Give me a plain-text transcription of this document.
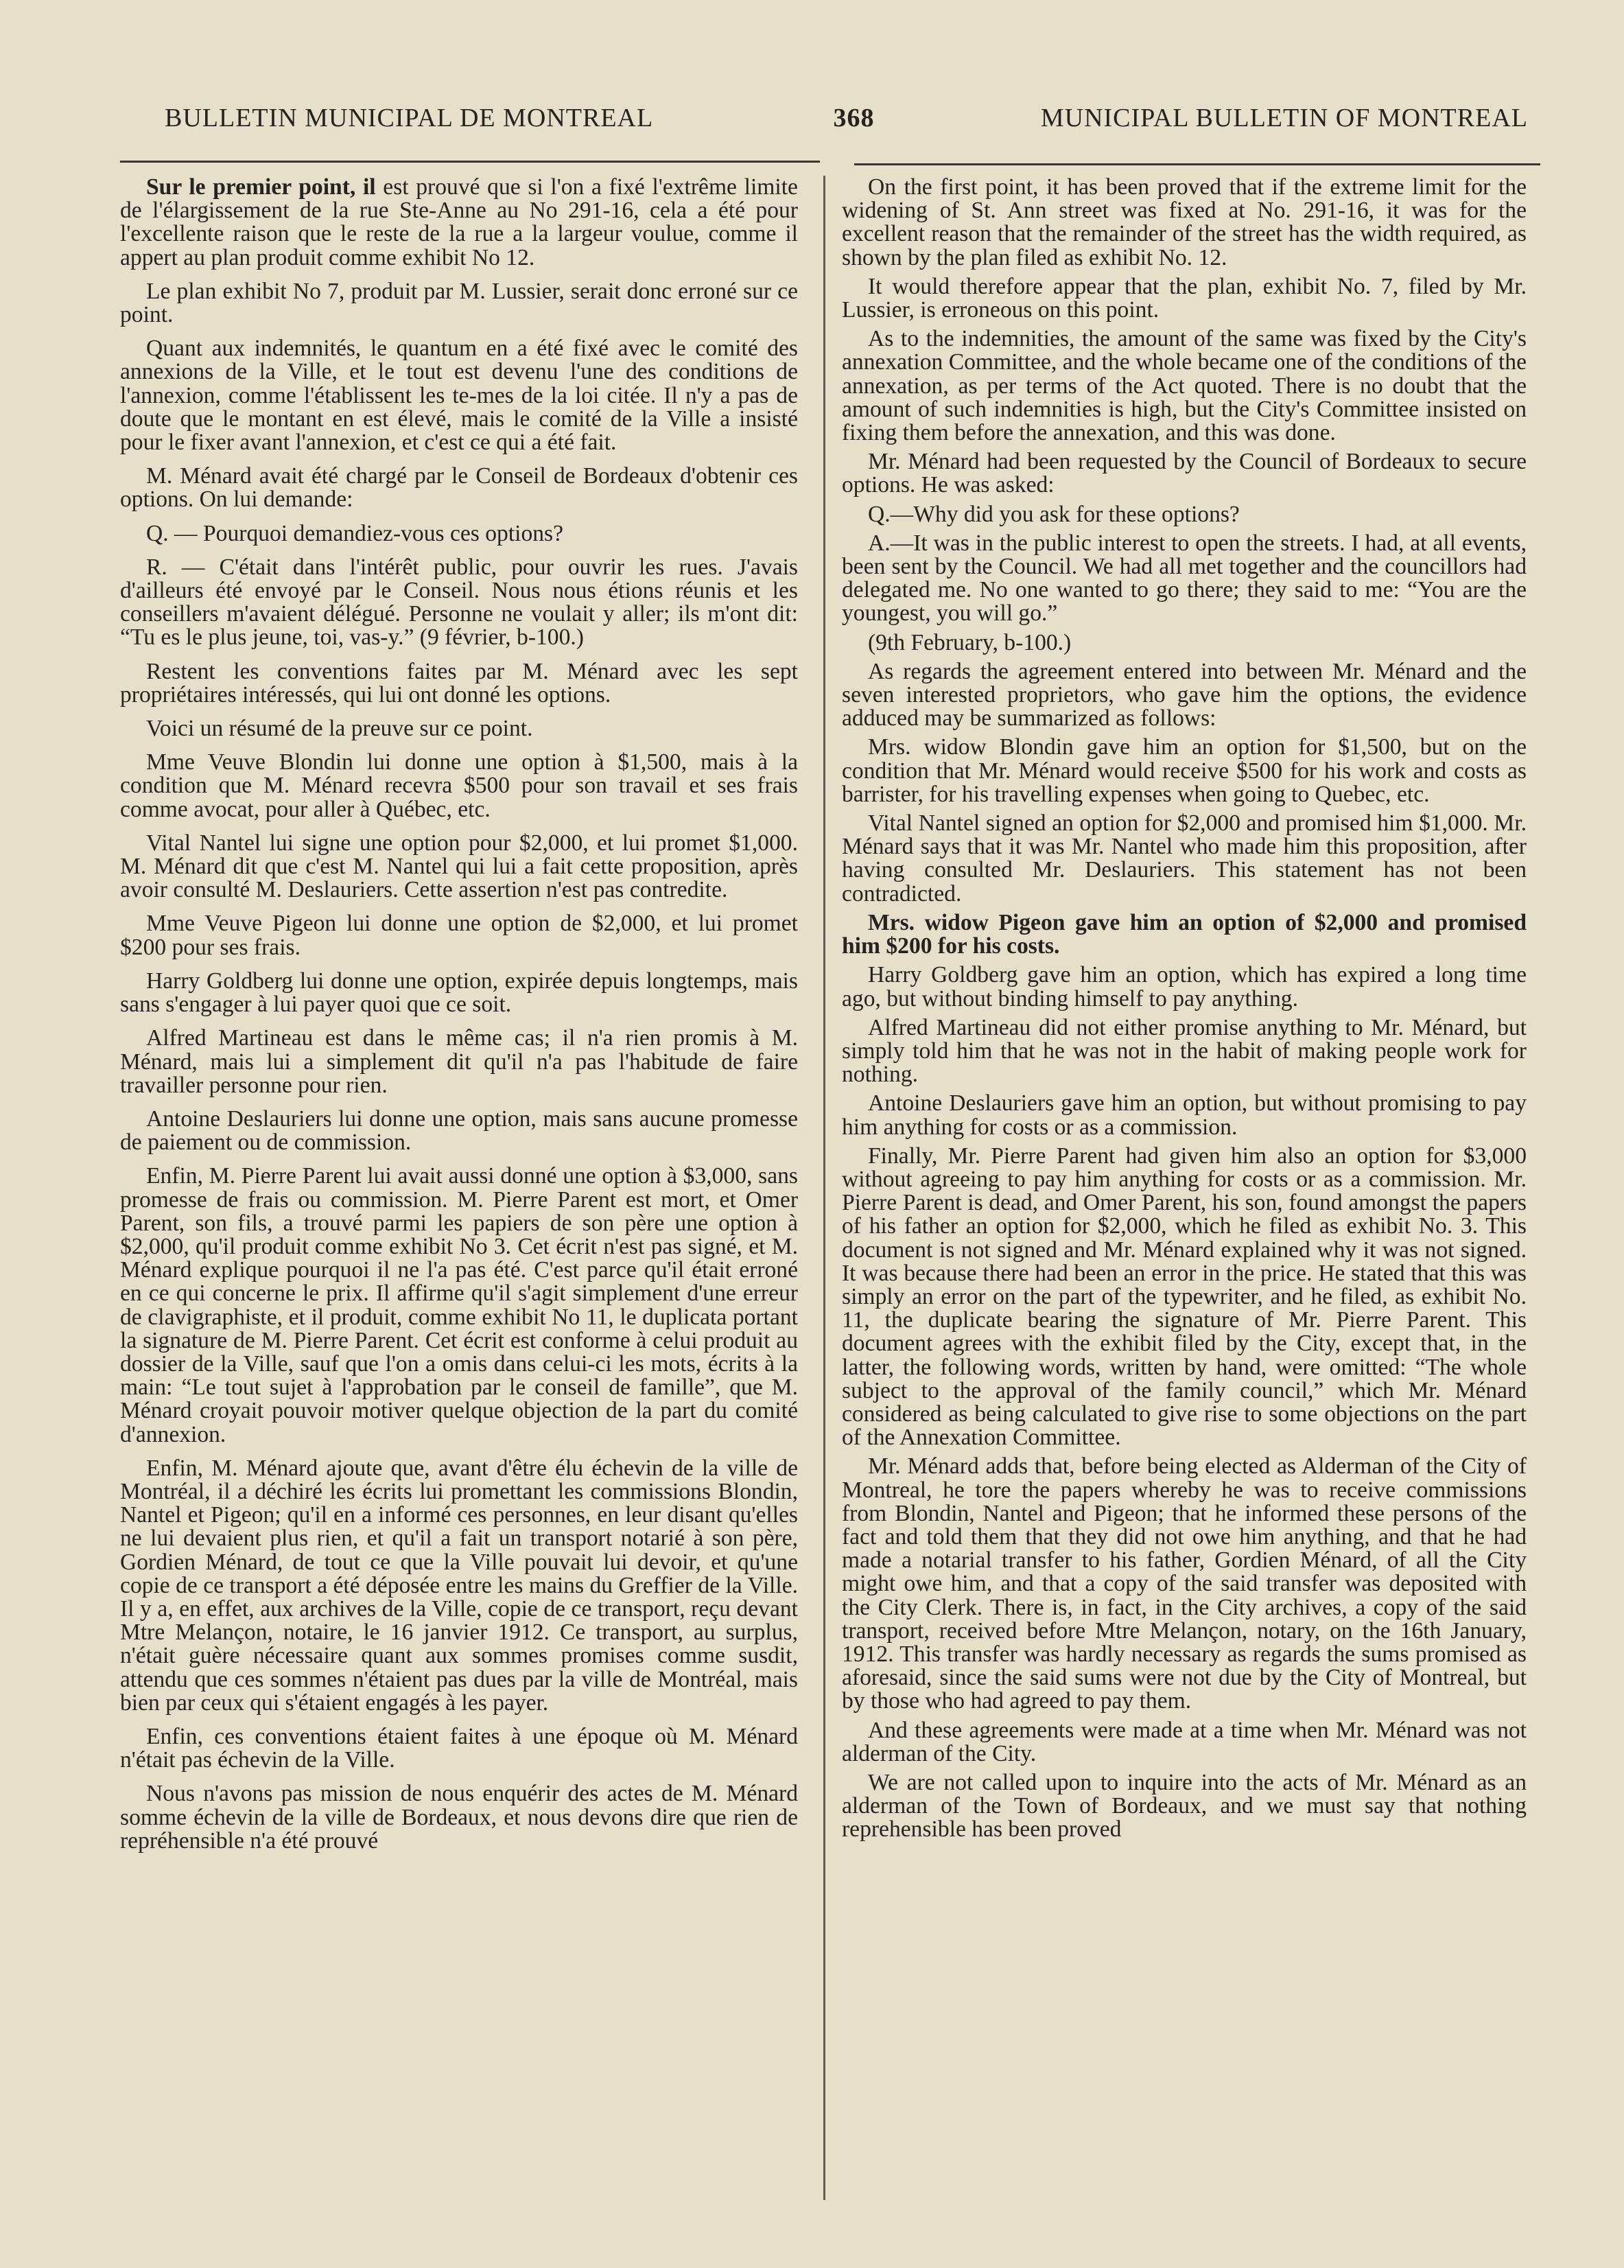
BULLETIN MUNICIPAL DE MONTREAL	368	MUNICIPAL BULLETIN OF MONTREAL

Sur le premier point, il est prouvé que si l'on a fixé l'extrême limite de l'élargissement de la rue Ste-Anne au No 291-16, cela a été pour l'excellente raison que le reste de la rue a la largeur voulue, comme il appert au plan produit comme exhibit No 12.

Le plan exhibit No 7, produit par M. Lussier, serait donc erroné sur ce point.

Quant aux indemnités, le quantum en a été fixé avec le comité des annexions de la Ville, et le tout est devenu l'une des conditions de l'annexion, comme l'établissent les te-mes de la loi citée. Il n'y a pas de doute que le montant en est élevé, mais le comité de la Ville a insisté pour le fixer avant l'annexion, et c'est ce qui a été fait.

M. Ménard avait été chargé par le Conseil de Bordeaux d'obtenir ces options. On lui demande:

Q. — Pourquoi demandiez-vous ces options?

R. — C'était dans l'intérêt public, pour ouvrir les rues. J'avais d'ailleurs été envoyé par le Conseil. Nous nous étions réunis et les conseillers m'avaient délégué. Personne ne voulait y aller; ils m'ont dit: “Tu es le plus jeune, toi, vas-y.” (9 février, b-100.)

Restent les conventions faites par M. Ménard avec les sept propriétaires intéressés, qui lui ont donné les options.

Voici un résumé de la preuve sur ce point.

Mme Veuve Blondin lui donne une option à $1,500, mais à la condition que M. Ménard recevra $500 pour son travail et ses frais comme avocat, pour aller à Québec, etc.

Vital Nantel lui signe une option pour $2,000, et lui promet $1,000. M. Ménard dit que c'est M. Nantel qui lui a fait cette proposition, après avoir consulté M. Deslauriers. Cette assertion n'est pas contredite.

Mme Veuve Pigeon lui donne une option de $2,000, et lui promet $200 pour ses frais.

Harry Goldberg lui donne une option, expirée depuis longtemps, mais sans s'engager à lui payer quoi que ce soit.

Alfred Martineau est dans le même cas; il n'a rien promis à M. Ménard, mais lui a simplement dit qu'il n'a pas l'habitude de faire travailler personne pour rien.

Antoine Deslauriers lui donne une option, mais sans aucune promesse de paiement ou de commission.

Enfin, M. Pierre Parent lui avait aussi donné une option à $3,000, sans promesse de frais ou commission. M. Pierre Parent est mort, et Omer Parent, son fils, a trouvé parmi les papiers de son père une option à $2,000, qu'il produit comme exhibit No 3. Cet écrit n'est pas signé, et M. Ménard explique pourquoi il ne l'a pas été. C'est parce qu'il était erroné en ce qui concerne le prix. Il affirme qu'il s'agit simplement d'une erreur de clavigraphiste, et il produit, comme exhibit No 11, le duplicata portant la signature de M. Pierre Parent. Cet écrit est conforme à celui produit au dossier de la Ville, sauf que l'on a omis dans celui-ci les mots, écrits à la main: “Le tout sujet à l'approbation par le conseil de famille”, que M. Ménard croyait pouvoir motiver quelque objection de la part du comité d'annexion.

Enfin, M. Ménard ajoute que, avant d'être élu échevin de la ville de Montréal, il a déchiré les écrits lui promettant les commissions Blondin, Nantel et Pigeon; qu'il en a informé ces personnes, en leur disant qu'elles ne lui devaient plus rien, et qu'il a fait un transport notarié à son père, Gordien Ménard, de tout ce que la Ville pouvait lui devoir, et qu'une copie de ce transport a été déposée entre les mains du Greffier de la Ville. Il y a, en effet, aux archives de la Ville, copie de ce transport, reçu devant Mtre Melançon, notaire, le 16 janvier 1912. Ce transport, au surplus, n'était guère nécessaire quant aux sommes promises comme susdit, attendu que ces sommes n'étaient pas dues par la ville de Montréal, mais bien par ceux qui s'étaient engagés à les payer.

Enfin, ces conventions étaient faites à une époque où M. Ménard n'était pas échevin de la Ville.

Nous n'avons pas mission de nous enquérir des actes de M. Ménard somme échevin de la ville de Bordeaux, et nous devons dire que rien de repréhensible n'a été prouvé

On the first point, it has been proved that if the extreme limit for the widening of St. Ann street was fixed at No. 291-16, it was for the excellent reason that the remainder of the street has the width required, as shown by the plan filed as exhibit No. 12.

It would therefore appear that the plan, exhibit No. 7, filed by Mr. Lussier, is erroneous on this point.

As to the indemnities, the amount of the same was fixed by the City's annexation Committee, and the whole became one of the conditions of the annexation, as per terms of the Act quoted. There is no doubt that the amount of such indemnities is high, but the City's Committee insisted on fixing them before the annexation, and this was done.

Mr. Ménard had been requested by the Council of Bordeaux to secure options. He was asked:

Q.—Why did you ask for these options?

A.—It was in the public interest to open the streets. I had, at all events, been sent by the Council. We had all met together and the councillors had delegated me. No one wanted to go there; they said to me: “You are the youngest, you will go.”

(9th February, b-100.)

As regards the agreement entered into between Mr. Ménard and the seven interested proprietors, who gave him the options, the evidence adduced may be summarized as follows:

Mrs. widow Blondin gave him an option for $1,500, but on the condition that Mr. Ménard would receive $500 for his work and costs as barrister, for his travelling expenses when going to Quebec, etc.

Vital Nantel signed an option for $2,000 and promised him $1,000. Mr. Ménard says that it was Mr. Nantel who made him this proposition, after having consulted Mr. Deslauriers. This statement has not been contradicted.

Mrs. widow Pigeon gave him an option of $2,000 and promised him $200 for his costs.

Harry Goldberg gave him an option, which has expired a long time ago, but without binding himself to pay anything.

Alfred Martineau did not either promise anything to Mr. Ménard, but simply told him that he was not in the habit of making people work for nothing.

Antoine Deslauriers gave him an option, but without promising to pay him anything for costs or as a commission.

Finally, Mr. Pierre Parent had given him also an option for $3,000 without agreeing to pay him anything for costs or as a commission. Mr. Pierre Parent is dead, and Omer Parent, his son, found amongst the papers of his father an option for $2,000, which he filed as exhibit No. 3. This document is not signed and Mr. Ménard explained why it was not signed. It was because there had been an error in the price. He stated that this was simply an error on the part of the typewriter, and he filed, as exhibit No. 11, the duplicate bearing the signature of Mr. Pierre Parent. This document agrees with the exhibit filed by the City, except that, in the latter, the following words, written by hand, were omitted: “The whole subject to the approval of the family council,” which Mr. Ménard considered as being calculated to give rise to some objections on the part of the Annexation Committee.

Mr. Ménard adds that, before being elected as Alderman of the City of Montreal, he tore the papers whereby he was to receive commissions from Blondin, Nantel and Pigeon; that he informed these persons of the fact and told them that they did not owe him anything, and that he had made a notarial transfer to his father, Gordien Ménard, of all the City might owe him, and that a copy of the said transfer was deposited with the City Clerk. There is, in fact, in the City archives, a copy of the said transport, received before Mtre Melançon, notary, on the 16th January, 1912. This transfer was hardly necessary as regards the sums promised as aforesaid, since the said sums were not due by the City of Montreal, but by those who had agreed to pay them.

And these agreements were made at a time when Mr. Ménard was not alderman of the City.

We are not called upon to inquire into the acts of Mr. Ménard as an alderman of the Town of Bordeaux, and we must say that nothing reprehensible has been proved
